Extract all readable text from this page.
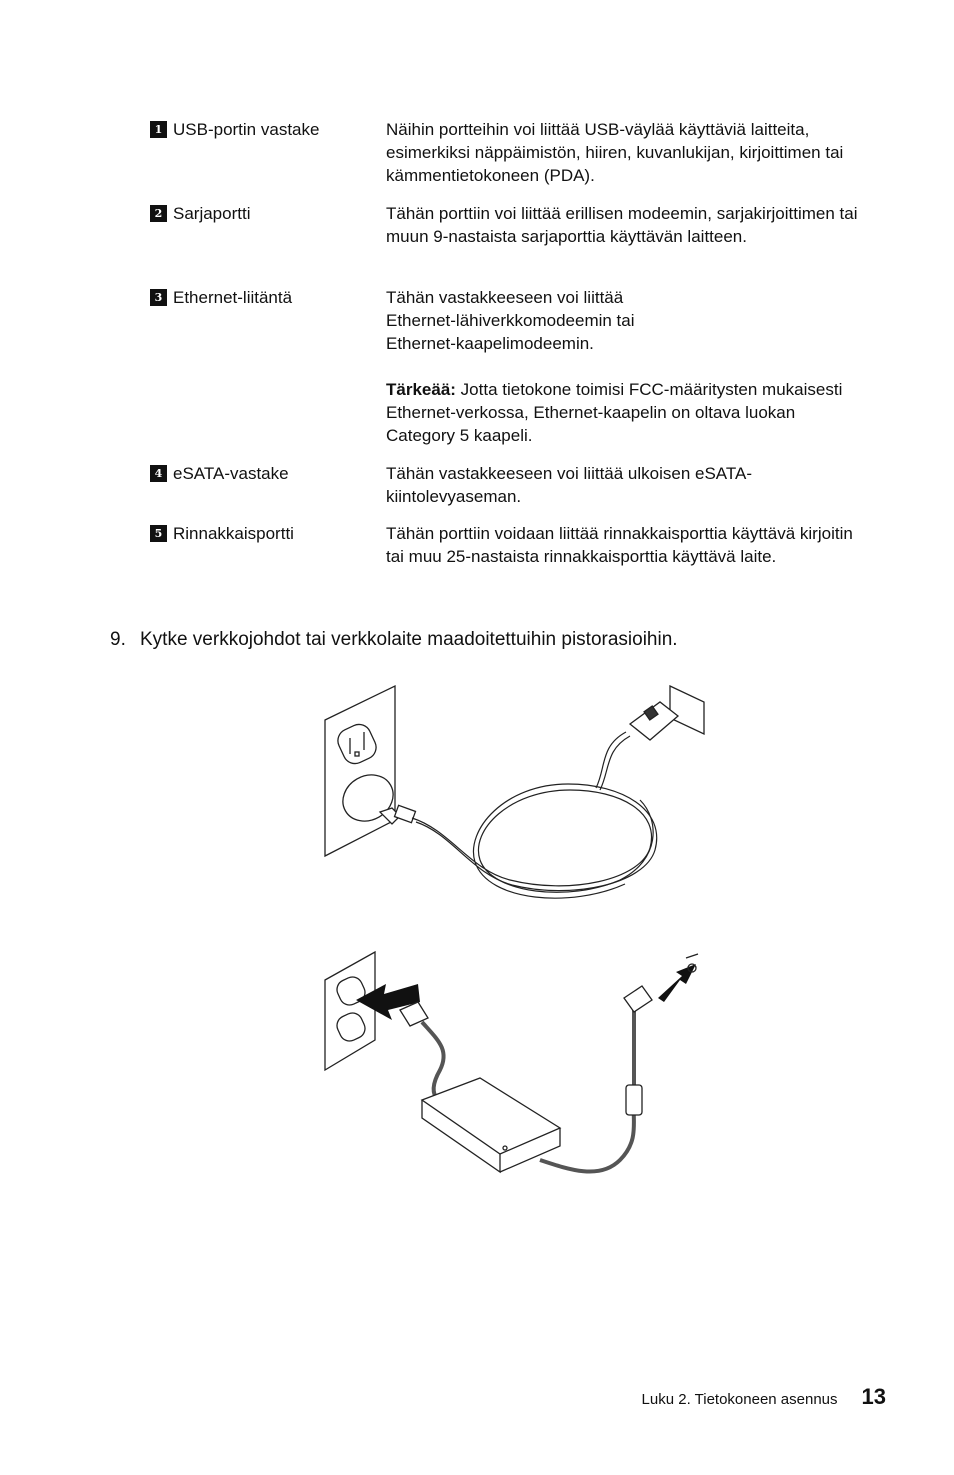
1 USB-portin vastake	Näihin portteihin voi liittää USB-väylää käyttäviä laitteita, esimerkiksi näppäimistön, hiiren, kuvanlukijan, kirjoittimen tai kämmentietokoneen (PDA).

2 Sarjaportti	Tähän porttiin voi liittää erillisen modeemin, sarjakirjoittimen tai muun 9-nastaista sarjaporttia käyttävän laitteen.

3 Ethernet-liitäntä	Tähän vastakkeeseen voi liittää Ethernet-lähiverkkomodeemin tai Ethernet-kaapelimodeemin.

Tärkeää: Jotta tietokone toimisi FCC-määritysten mukaisesti Ethernet-verkossa, Ethernet-kaapelin on oltava luokan Category 5 kaapeli.

4 eSATA-vastake	Tähän vastakkeeseen voi liittää ulkoisen eSATA-kiintolevyaseman.

5 Rinnakkaisportti	Tähän porttiin voidaan liittää rinnakkaisporttia käyttävä kirjoitin tai muu 25-nastaista rinnakkaisporttia käyttävä laite.

9. Kytke verkkojohdot tai verkkolaite maadoitettuihin pistorasioihin.
Luku 2. Tietokoneen asennus 13
